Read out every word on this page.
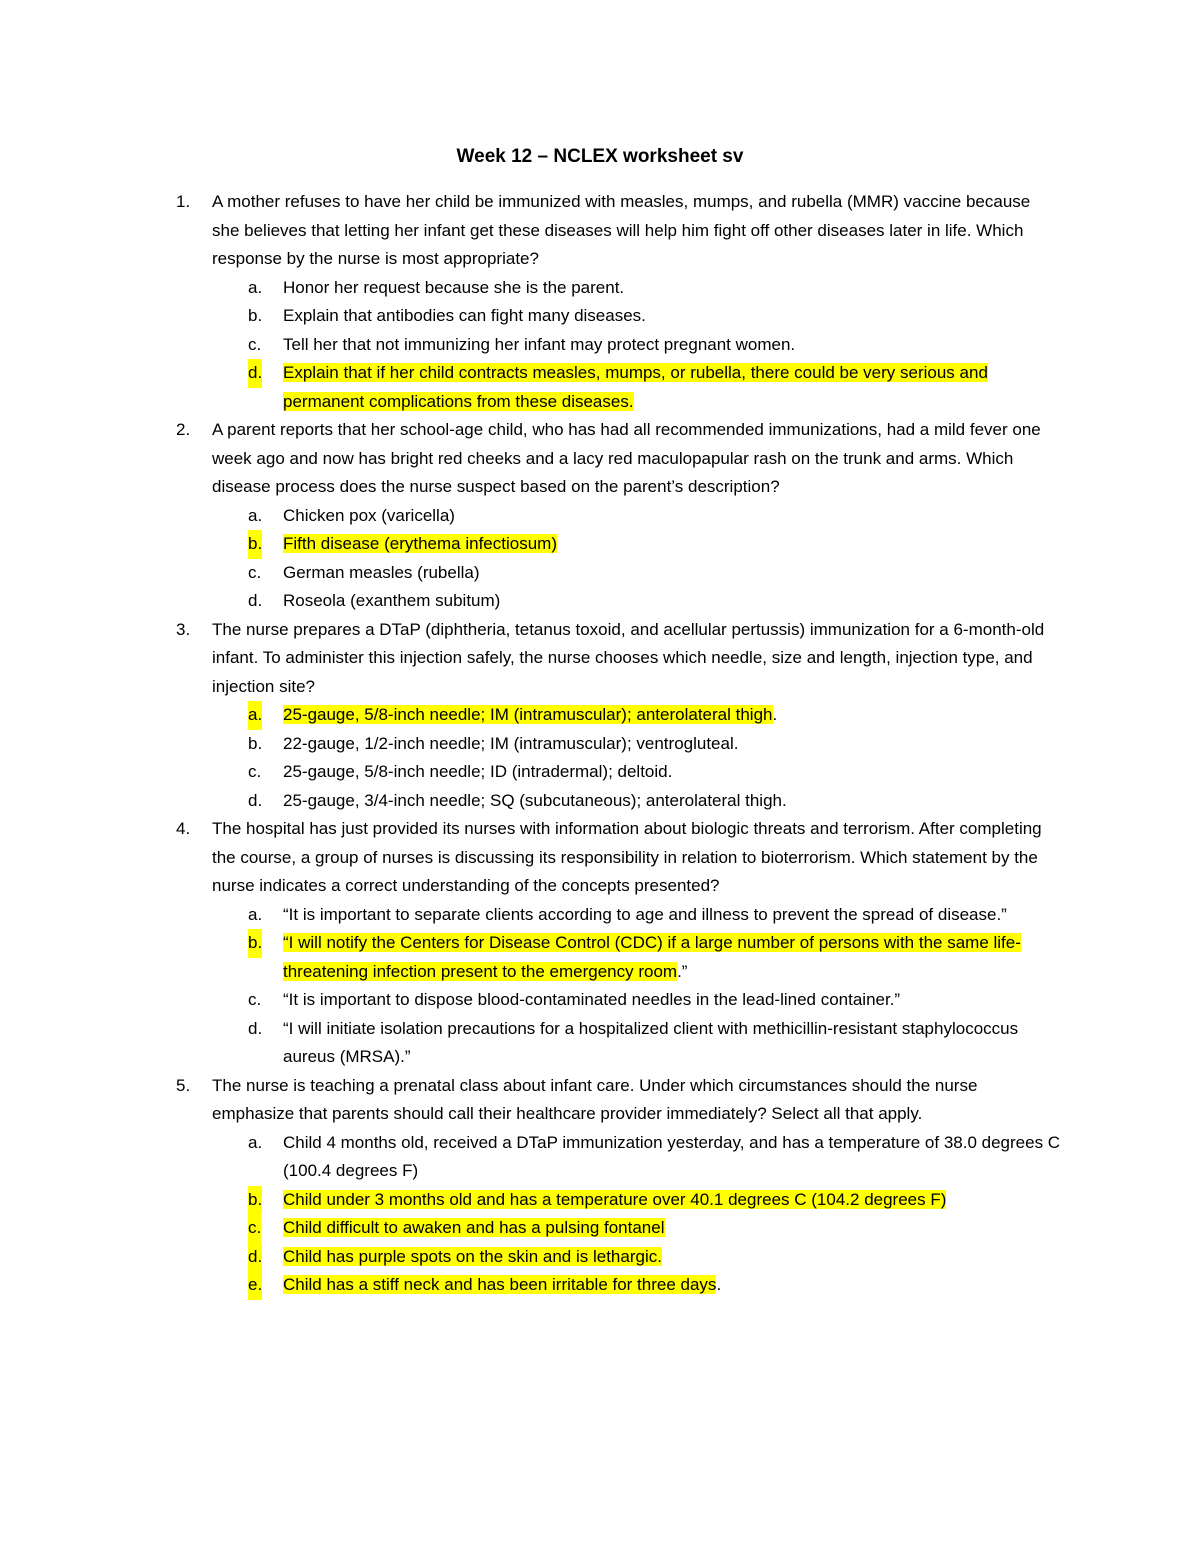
Week 12 – NCLEX worksheet sv
1. A mother refuses to have her child be immunized with measles, mumps, and rubella (MMR) vaccine because she believes that letting her infant get these diseases will help him fight off other diseases later in life. Which response by the nurse is most appropriate?
a. Honor her request because she is the parent.
b. Explain that antibodies can fight many diseases.
c. Tell her that not immunizing her infant may protect pregnant women.
d. Explain that if her child contracts measles, mumps, or rubella, there could be very serious and permanent complications from these diseases.
2. A parent reports that her school-age child, who has had all recommended immunizations, had a mild fever one week ago and now has bright red cheeks and a lacy red maculopapular rash on the trunk and arms. Which disease process does the nurse suspect based on the parent’s description?
a. Chicken pox (varicella)
b. Fifth disease (erythema infectiosum)
c. German measles (rubella)
d. Roseola (exanthem subitum)
3. The nurse prepares a DTaP (diphtheria, tetanus toxoid, and acellular pertussis) immunization for a 6-month-old infant. To administer this injection safely, the nurse chooses which needle, size and length, injection type, and injection site?
a. 25-gauge, 5/8-inch needle; IM (intramuscular); anterolateral thigh.
b. 22-gauge, 1/2-inch needle; IM (intramuscular); ventrogluteal.
c. 25-gauge, 5/8-inch needle; ID (intradermal); deltoid.
d. 25-gauge, 3/4-inch needle; SQ (subcutaneous); anterolateral thigh.
4. The hospital has just provided its nurses with information about biologic threats and terrorism. After completing the course, a group of nurses is discussing its responsibility in relation to bioterrorism. Which statement by the nurse indicates a correct understanding of the concepts presented?
a. “It is important to separate clients according to age and illness to prevent the spread of disease.”
b. “I will notify the Centers for Disease Control (CDC) if a large number of persons with the same life-threatening infection present to the emergency room.”
c. “It is important to dispose blood-contaminated needles in the lead-lined container.”
d. “I will initiate isolation precautions for a hospitalized client with methicillin-resistant staphylococcus aureus (MRSA).”
5. The nurse is teaching a prenatal class about infant care. Under which circumstances should the nurse emphasize that parents should call their healthcare provider immediately? Select all that apply.
a. Child 4 months old, received a DTaP immunization yesterday, and has a temperature of 38.0 degrees C (100.4 degrees F)
b. Child under 3 months old and has a temperature over 40.1 degrees C (104.2 degrees F)
c. Child difficult to awaken and has a pulsing fontanel
d. Child has purple spots on the skin and is lethargic.
e. Child has a stiff neck and has been irritable for three days.
